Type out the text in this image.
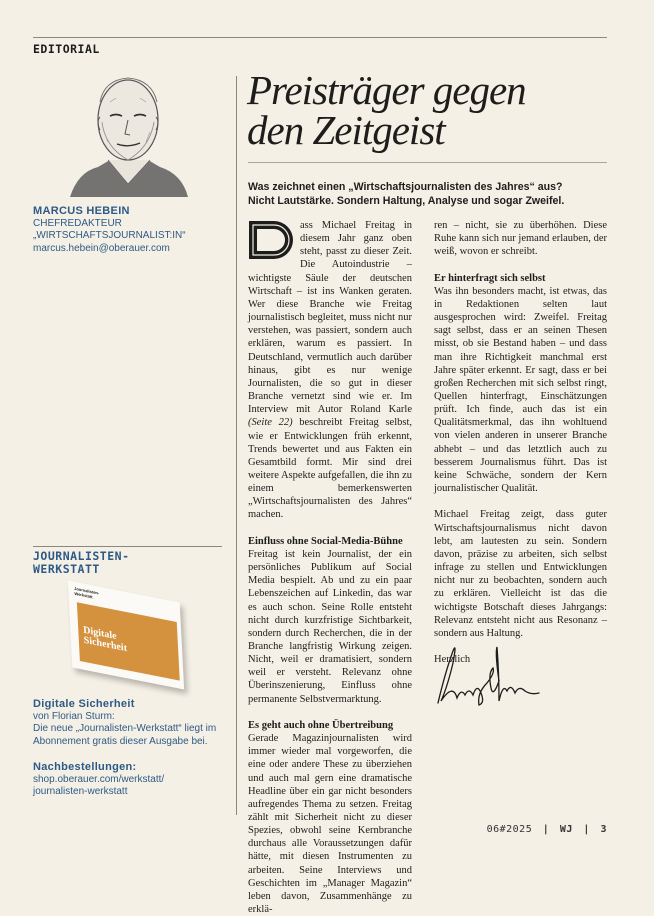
EDITORIAL
MARCUS HEBEIN
CHEFREDAKTEUR
„WIRTSCHAFTSJOURNALIST:IN“
marcus.hebein@oberauer.com
JOURNALISTEN-
WERKSTATT
Journalisten-Werkstatt
Digitale Sicherheit
Digitale Sicherheit
von Florian Sturm:
Die neue „Journalisten-Werkstatt“ liegt im Abonnement gratis dieser Ausgabe bei.
Nachbestellungen:
shop.oberauer.com/werkstatt/
journalisten-werkstatt
Preisträger gegen
den Zeitgeist
Was zeichnet einen „Wirtschaftsjournalisten des Jahres“ aus?
Nicht Lautstärke. Sondern Haltung, Analyse und sogar Zweifel.

ass Michael Freitag in diesem Jahr ganz oben steht, passt zu dieser Zeit. Die Autoindustrie – wichtigste Säule der deutschen Wirtschaft – ist ins Wanken geraten. Wer diese Branche wie Freitag journalistisch begleitet, muss nicht nur verstehen, was passiert, sondern auch erklären, warum es passiert. In Deutschland, vermutlich auch darüber hinaus, gibt es nur wenige Journalisten, die so gut in dieser Branche vernetzt sind wie er. Im Interview mit Autor Roland Karle (Seite 22) beschreibt Freitag selbst, wie er Entwicklungen früh erkennt, Trends bewertet und aus Fakten ein Gesamtbild formt. Mir sind drei weitere Aspekte aufgefallen, die ihn zu einem bemerkenswerten „Wirtschaftsjournalisten des Jahres“ machen.

Einfluss ohne Social-Media-Bühne

Freitag ist kein Journalist, der ein persönliches Publikum auf Social Media bespielt. Ab und zu ein paar Lebenszeichen auf Linkedin, das war es auch schon. Seine Rolle entsteht nicht durch kurzfristige Sichtbarkeit, sondern durch Recherchen, die in der Branche langfristig Wirkung zeigen. Nicht, weil er dramatisiert, sondern weil er versteht. Relevanz ohne Überinszenierung, Einfluss ohne permanente Selbstvermarktung.

Es geht auch ohne Übertreibung

Gerade Magazinjournalisten wird immer wieder mal vorgeworfen, die eine oder andere These zu überziehen und auch mal gern eine dramatische Headline über ein gar nicht besonders aufregendes Thema zu setzen. Freitag zählt mit Sicherheit nicht zu dieser Spezies, obwohl seine Kernbranche durchaus alle Voraussetzungen dafür hätte, mit diesen Instrumenten zu arbeiten. Seine Interviews und Geschichten im „Manager Magazin“ leben davon, Zusammenhänge zu erklä-

ren – nicht, sie zu überhöhen. Diese Ruhe kann sich nur jemand erlauben, der weiß, wovon er schreibt.

Er hinterfragt sich selbst

Was ihn besonders macht, ist etwas, das in Redaktionen selten laut ausgesprochen wird: Zweifel. Freitag sagt selbst, dass er an seinen Thesen misst, ob sie Bestand haben – und dass man ihre Richtigkeit manchmal erst Jahre später erkennt. Er sagt, dass er bei großen Recherchen mit sich selbst ringt, Quellen hinterfragt, Einschätzungen prüft. Ich finde, auch das ist ein Qualitätsmerkmal, das ihn wohltuend von vielen anderen in unserer Branche abhebt – und das letztlich auch zu besserem Journalismus führt. Das ist keine Schwäche, sondern der Kern journalistischer Qualität.

Michael Freitag zeigt, dass guter Wirtschaftsjournalismus nicht davon lebt, am lautesten zu sein. Sondern davon, präzise zu arbeiten, sich selbst infrage zu stellen und Entwicklungen nicht nur zu beobachten, sondern auch zu erklären. Vielleicht ist das die wichtigste Botschaft dieses Jahrgangs: Relevanz entsteht nicht aus Resonanz – sondern aus Haltung.

Herzlich

06#2025 | WJ | 3
